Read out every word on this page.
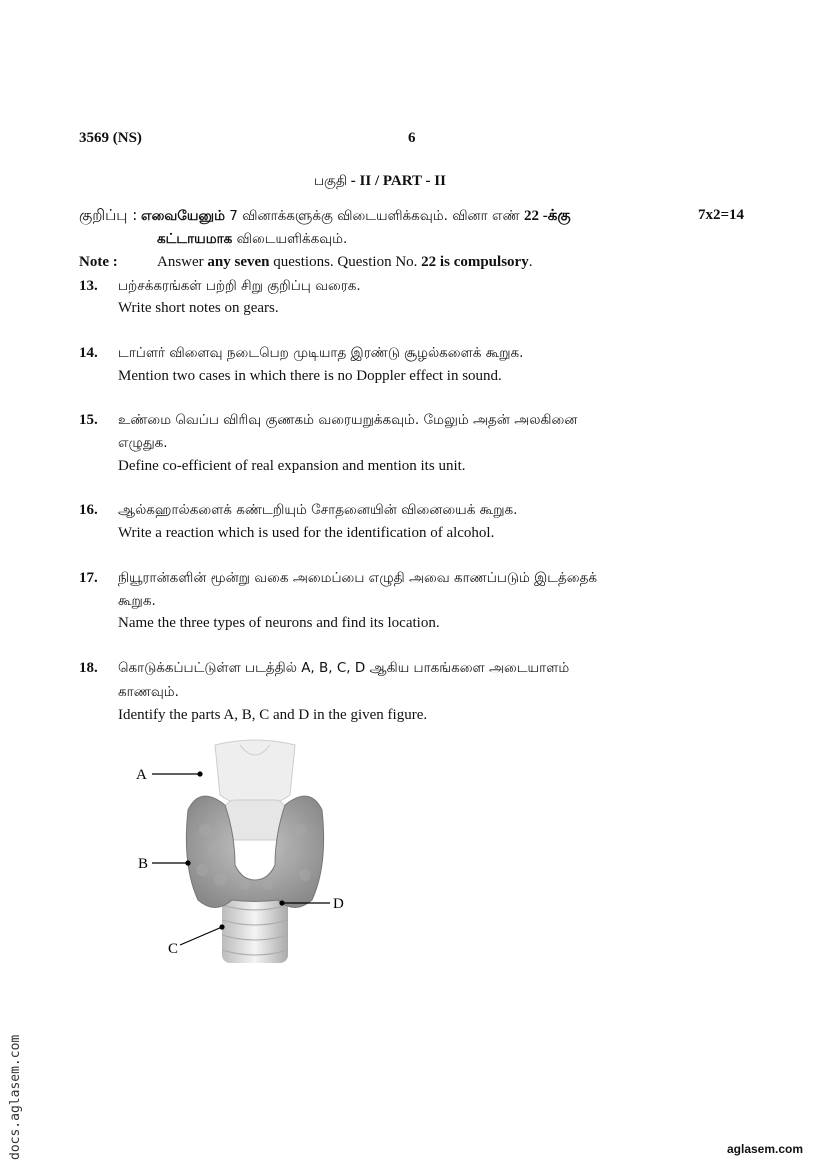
3569 (NS)	6
பகுதி - II / PART - II
குறிப்பு : எவையேனும் 7 வினாக்களுக்கு விடையளிக்கவும். வினா எண் 22 -க்கு	7x2=14
கட்டாயமாக விடையளிக்கவும்.
Note :	Answer any seven questions. Question No. 22 is compulsory.
13. பற்சக்கரங்கள் பற்றி சிறு குறிப்பு வரைக.
Write short notes on gears.
14. டாப்ளர் விளைவு நடைபெற முடியாத இரண்டு சூழல்களைக் கூறுக.
Mention two cases in which there is no Doppler effect in sound.
15. உண்மை வெப்ப விரிவு குணகம் வரையறுக்கவும். மேலும் அதன் அலகினை
எழுதுக.
Define co-efficient of real expansion and mention its unit.
16. ஆல்கஹால்களைக் கண்டறியும் சோதனையின் வினையைக் கூறுக.
Write a reaction which is used for the identification of alcohol.
17. நியூரான்களின் மூன்று வகை அமைப்பை எழுதி அவை காணப்படும் இடத்தைக்
கூறுக.
Name the three types of neurons and find its location.
18. கொடுக்கப்பட்டுள்ள படத்தில் A, B, C, D ஆகிய பாகங்களை அடையாளம்
காணவும்.
Identify the parts A, B, C and D in the given figure.
A
B
C
D
docs.aglasem.com	aglasem.com
